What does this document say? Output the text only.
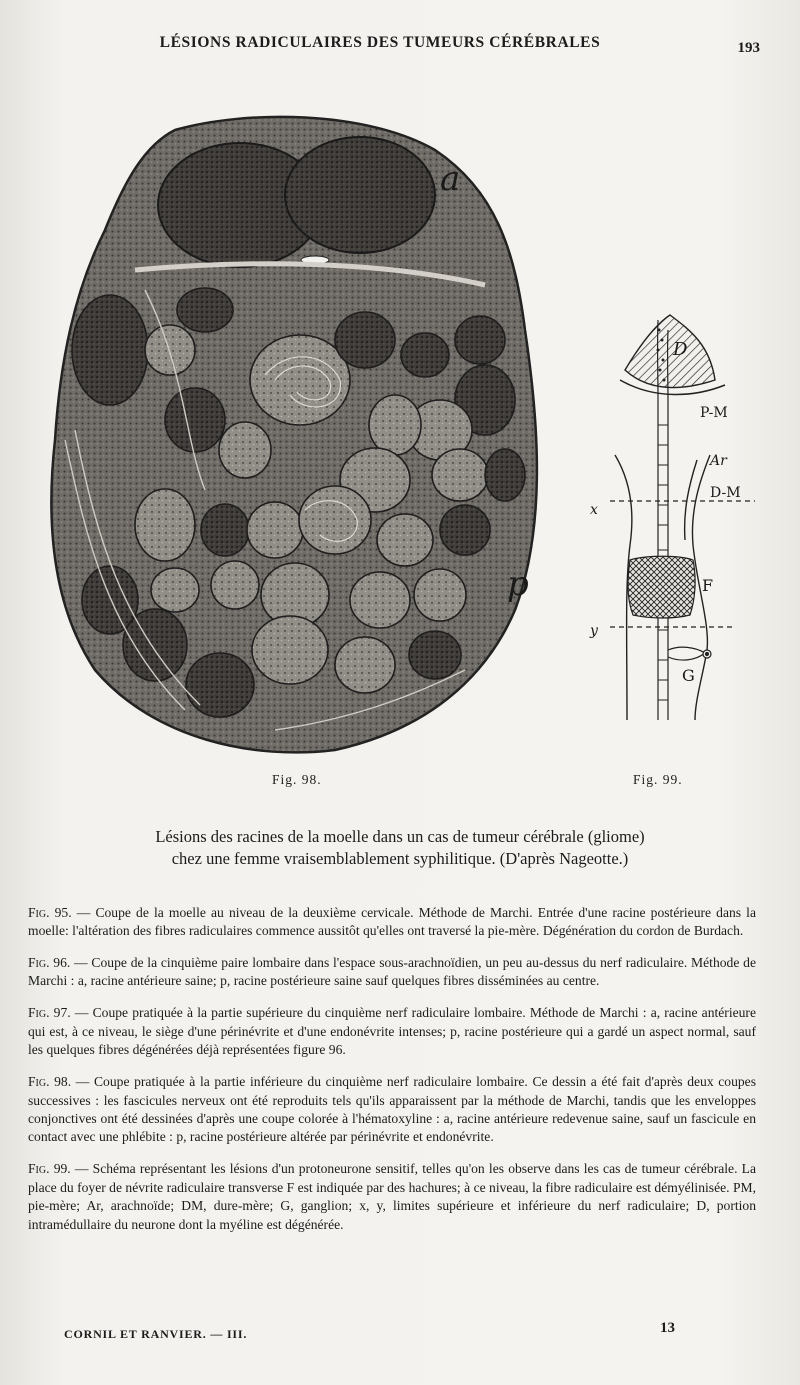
LÉSIONS RADICULAIRES DES TUMEURS CÉRÉBRALES	193
a
p
D
P-M
Ar
D-M
x
F
y
G
Fig. 98.	Fig. 99.
Lésions des racines de la moelle dans un cas de tumeur cérébrale (gliome)
chez une femme vraisemblablement syphilitique. (D'après Nageotte.)

Fig. 95. — Coupe de la moelle au niveau de la deuxième cervicale. Méthode de Marchi. Entrée d'une racine postérieure dans la moelle: l'altération des fibres radiculaires commence aussitôt qu'elles ont traversé la pie-mère. Dégénération du cordon de Burdach.

Fig. 96. — Coupe de la cinquième paire lombaire dans l'espace sous-arachnoïdien, un peu au-dessus du nerf radiculaire. Méthode de Marchi : a, racine antérieure saine; p, racine postérieure saine sauf quelques fibres disséminées au centre.

Fig. 97. — Coupe pratiquée à la partie supérieure du cinquième nerf radiculaire lombaire. Méthode de Marchi : a, racine antérieure qui est, à ce niveau, le siège d'une périnévrite et d'une endonévrite intenses; p, racine postérieure qui a gardé un aspect normal, sauf les quelques fibres dégénérées déjà représentées figure 96.

Fig. 98. — Coupe pratiquée à la partie inférieure du cinquième nerf radiculaire lombaire. Ce dessin a été fait d'après deux coupes successives : les fascicules nerveux ont été reproduits tels qu'ils apparaissent par la méthode de Marchi, tandis que les enveloppes conjonctives ont été dessinées d'après une coupe colorée à l'hématoxyline : a, racine antérieure redevenue saine, sauf un fascicule en contact avec une phlébite : p, racine postérieure altérée par périnévrite et endonévrite.

Fig. 99. — Schéma représentant les lésions d'un protoneurone sensitif, telles qu'on les observe dans les cas de tumeur cérébrale. La place du foyer de névrite radiculaire transverse F est indiquée par des hachures; à ce niveau, la fibre radiculaire est démyélinisée. PM, pie-mère; Ar, arachnoïde; DM, dure-mère; G, ganglion; x, y, limites supérieure et inférieure du nerf radiculaire; D, portion intramédullaire du neurone dont la myéline est dégénérée.

CORNIL ET RANVIER. — III.	13
